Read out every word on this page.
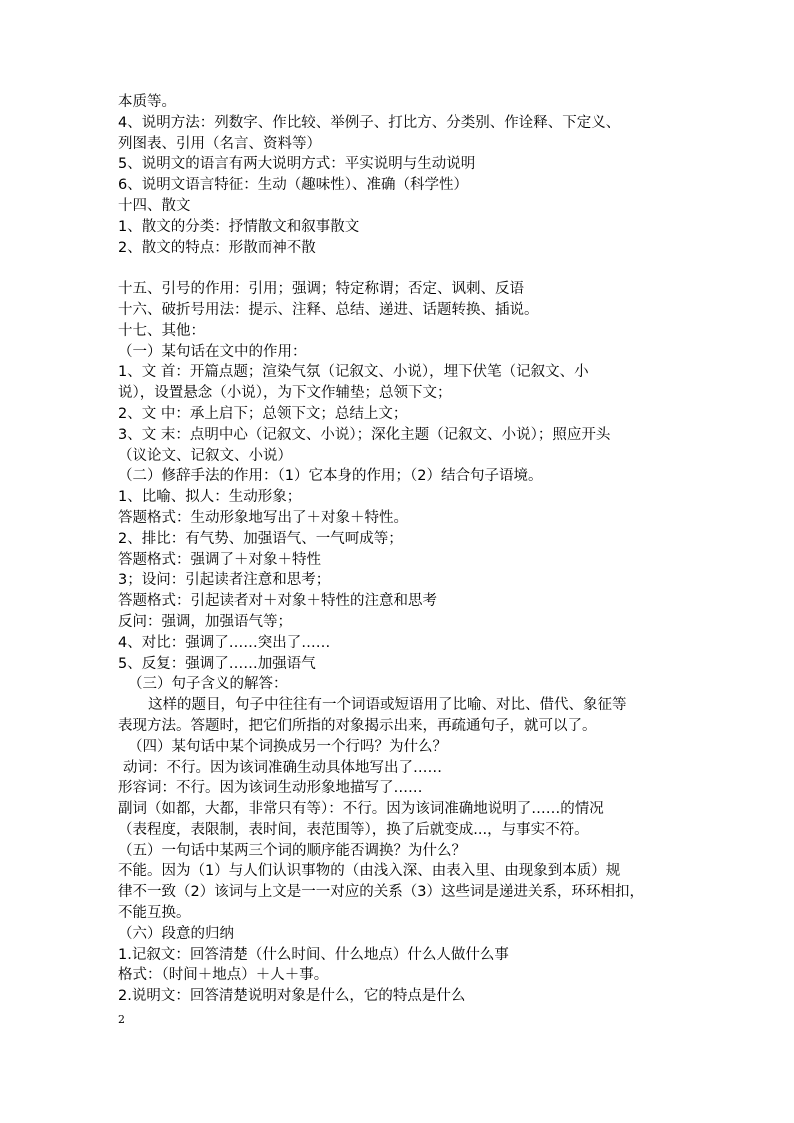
本质等。
4、说明方法：列数字、作比较、举例子、打比方、分类别、作诠释、下定义、
列图表、引用（名言、资料等）
5、说明文的语言有两大说明方式：平实说明与生动说明
6、说明文语言特征：生动（趣味性）、准确（科学性）
十四、散文
1、散文的分类：抒情散文和叙事散文
2、散文的特点：形散而神不散
十五、引号的作用：引用；强调；特定称谓；否定、讽刺、反语
十六、破折号用法：提示、注释、总结、递进、话题转换、插说。
十七、其他：
（一）某句话在文中的作用：
1、文 首：开篇点题；渲染气氛（记叙文、小说），埋下伏笔（记叙文、小
说），设置悬念（小说），为下文作辅垫；总领下文；
2、文 中：承上启下；总领下文；总结上文；
3、文 末：点明中心（记叙文、小说）；深化主题（记叙文、小说）；照应开头
（议论文、记叙文、小说）
（二）修辞手法的作用：（1）它本身的作用；（2）结合句子语境。
1、比喻、拟人：生动形象；
答题格式：生动形象地写出了＋对象＋特性。
2、排比：有气势、加强语气、一气呵成等；
答题格式：强调了＋对象＋特性
3；设问：引起读者注意和思考；
答题格式：引起读者对＋对象＋特性的注意和思考
反问：强调，加强语气等；
4、对比：强调了……突出了……
5、反复：强调了……加强语气
（三）句子含义的解答：
这样的题目，句子中往往有一个词语或短语用了比喻、对比、借代、象征等
表现方法。答题时，把它们所指的对象揭示出来，再疏通句子，就可以了。
（四）某句话中某个词换成另一个行吗？为什么？
动词：不行。因为该词准确生动具体地写出了……
形容词：不行。因为该词生动形象地描写了……
副词（如都，大都，非常只有等）：不行。因为该词准确地说明了……的情况
（表程度，表限制，表时间，表范围等），换了后就变成...，与事实不符。
（五）一句话中某两三个词的顺序能否调换？为什么？
不能。因为（1）与人们认识事物的（由浅入深、由表入里、由现象到本质）规
律不一致（2）该词与上文是一一对应的关系（3）这些词是递进关系，环环相扣，
不能互换。
（六）段意的归纳
1.记叙文：回答清楚（什么时间、什么地点）什么人做什么事
格式：（时间＋地点）＋人＋事。
2.说明文：回答清楚说明对象是什么，它的特点是什么
2
